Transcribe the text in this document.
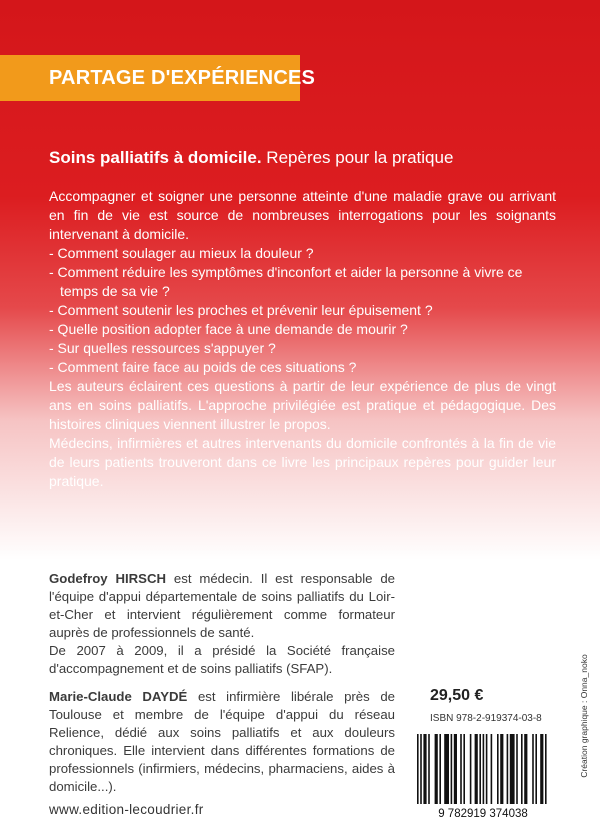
PARTAGE D'EXPÉRIENCES
Soins palliatifs à domicile. Repères pour la pratique

Accompagner et soigner une personne atteinte d'une maladie grave ou arrivant en fin de vie est source de nombreuses interrogations pour les soignants intervenant à domicile.

- Comment soulager au mieux la douleur ?
- Comment réduire les symptômes d'inconfort et aider la personne à vivre ce temps de sa vie ?
- Comment soutenir les proches et prévenir leur épuisement ?
- Quelle position adopter face à une demande de mourir ?
- Sur quelles ressources s'appuyer ?
- Comment faire face au poids de ces situations ?

Les auteurs éclairent ces questions à partir de leur expérience de plus de vingt ans en soins palliatifs. L'approche privilégiée est pratique et pédagogique. Des histoires cliniques viennent illustrer le propos.

Médecins, infirmières et autres intervenants du domicile confrontés à la fin de vie de leurs patients trouveront dans ce livre les principaux repères pour guider leur pratique.

Godefroy HIRSCH est médecin. Il est responsable de l'équipe d'appui départementale de soins palliatifs du Loir-et-Cher et intervient régulièrement comme formateur auprès de professionnels de santé.

De 2007 à 2009, il a présidé la Société française d'accompagnement et de soins palliatifs (SFAP).

Marie-Claude DAYDÉ est infirmière libérale près de Toulouse et membre de l'équipe d'appui du réseau Relience, dédié aux soins palliatifs et aux douleurs chroniques. Elle intervient dans différentes formations de professionnels (infirmiers, médecins, pharmaciens, aides à domicile...).

29,50 €
ISBN 978-2-919374-03-8
9 782919 374038
www.edition-lecoudrier.fr
Création graphique : Onna_noko
